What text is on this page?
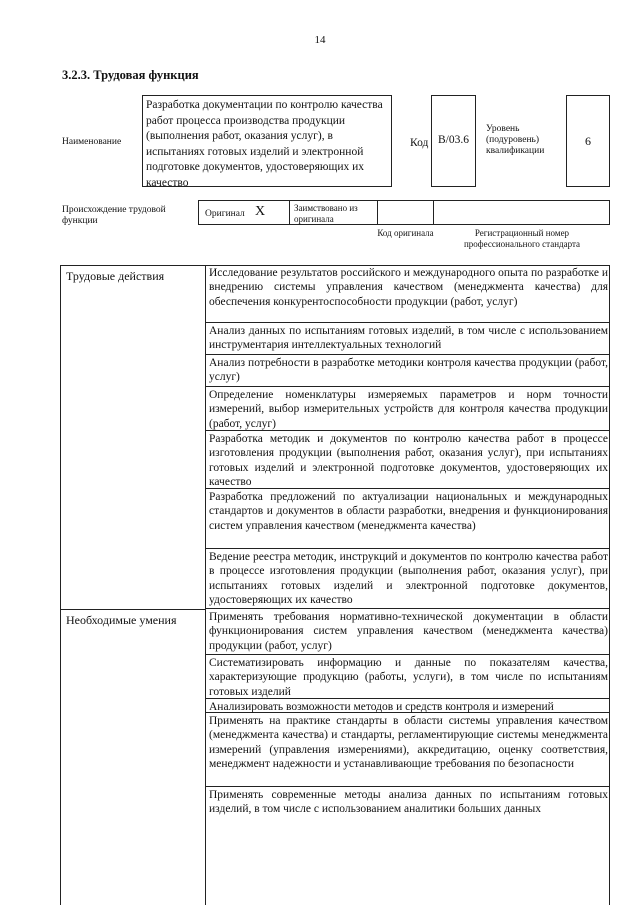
14
3.2.3. Трудовая функция
Наименование
Разработка документации по контролю качества работ процесса производства продукции (выполнения работ, оказания услуг), в испытаниях готовых изделий и электронной подготовке документов, удостоверяющих их качество
Код B/03.6
Уровень (подуровень) квалификации
6
Происхождение трудовой функции
Оригинал X	Заимствовано из оригинала
Код оригинала	Регистрационный номер профессионального стандарта
Трудовые действия	Исследование результатов российского и международного опыта по разработке и внедрению системы управления качеством (менеджмента качества) для обеспечения конкурентоспособности продукции (работ, услуг)
Анализ данных по испытаниям готовых изделий, в том числе с использованием инструментария интеллектуальных технологий
Анализ потребности в разработке методики контроля качества продукции (работ, услуг)
Определение номенклатуры измеряемых параметров и норм точности измерений, выбор измерительных устройств для контроля качества продукции (работ, услуг)
Разработка методик и документов по контролю качества работ в процессе изготовления продукции (выполнения работ, оказания услуг), при испытаниях готовых изделий и электронной подготовке документов, удостоверяющих их качество
Разработка предложений по актуализации национальных и международных стандартов и документов в области разработки, внедрения и функционирования систем управления качеством (менеджмента качества)
Ведение реестра методик, инструкций и документов по контролю качества работ в процессе изготовления продукции (выполнения работ, оказания услуг), при испытаниях готовых изделий и электронной подготовке документов, удостоверяющих их качество
Необходимые умения	Применять требования нормативно-технической документации в области функционирования систем управления качеством (менеджмента качества) продукции (работ, услуг)
Систематизировать информацию и данные по показателям качества, характеризующие продукцию (работы, услуги), в том числе по испытаниям готовых изделий
Анализировать возможности методов и средств контроля и измерений
Применять на практике стандарты в области системы управления качеством (менеджмента качества) и стандарты, регламентирующие системы менеджмента измерений (управления измерениями), аккредитацию, оценку соответствия, менеджмент надежности и устанавливающие требования по безопасности
Применять современные методы анализа данных по испытаниям готовых изделий, в том числе с использованием аналитики больших данных
